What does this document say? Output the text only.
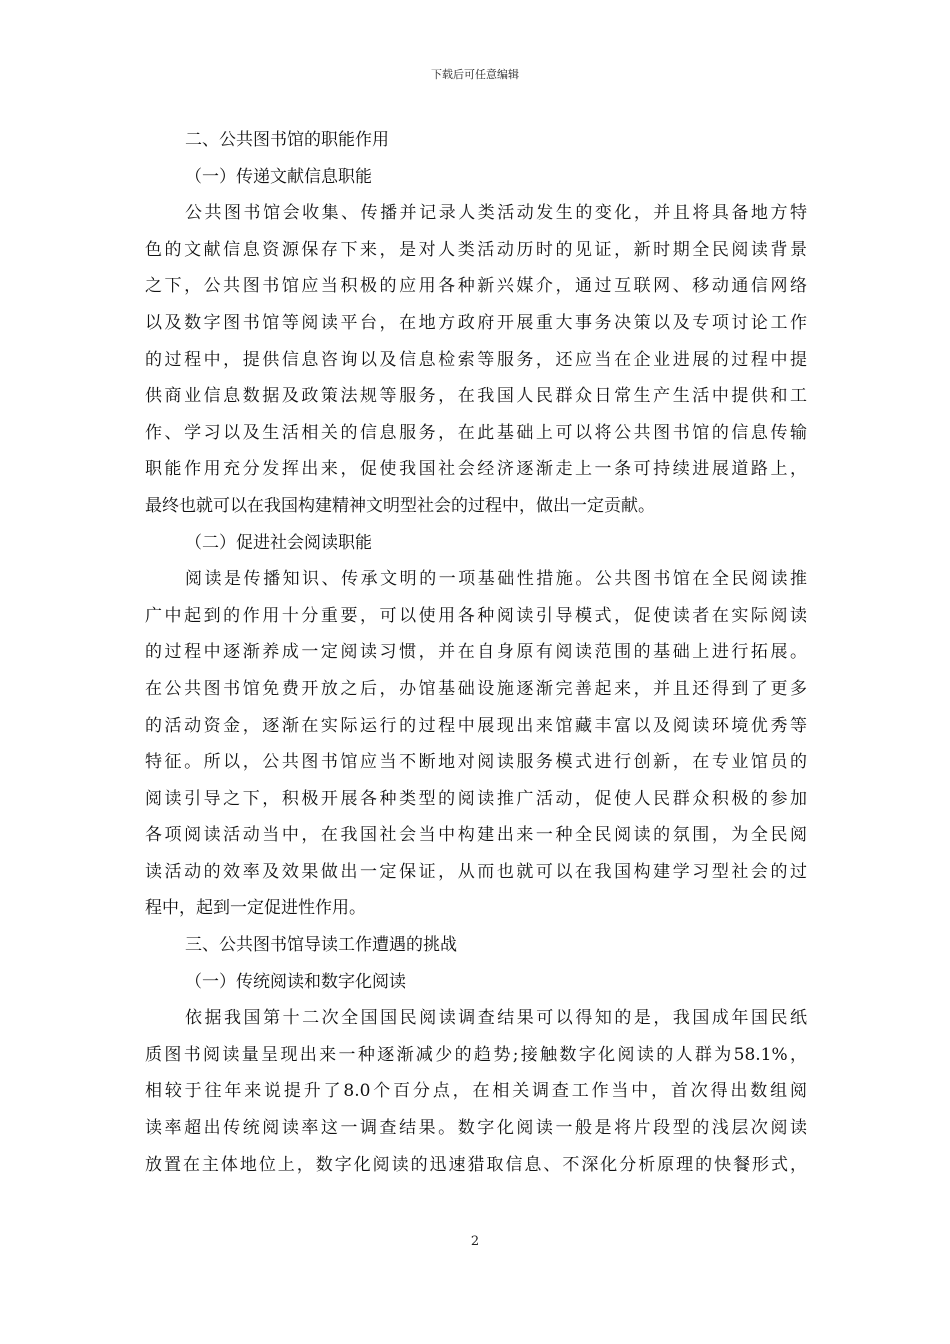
下载后可任意编辑
二、公共图书馆的职能作用
（一）传递文献信息职能
公共图书馆会收集、传播并记录人类活动发生的变化，并且将具备地方特
色的文献信息资源保存下来，是对人类活动历时的见证，新时期全民阅读背景
之下，公共图书馆应当积极的应用各种新兴媒介，通过互联网、移动通信网络
以及数字图书馆等阅读平台，在地方政府开展重大事务决策以及专项讨论工作
的过程中，提供信息咨询以及信息检索等服务，还应当在企业进展的过程中提
供商业信息数据及政策法规等服务，在我国人民群众日常生产生活中提供和工
作、学习以及生活相关的信息服务，在此基础上可以将公共图书馆的信息传输
职能作用充分发挥出来，促使我国社会经济逐渐走上一条可持续进展道路上，
最终也就可以在我国构建精神文明型社会的过程中，做出一定贡献。
（二）促进社会阅读职能
阅读是传播知识、传承文明的一项基础性措施。公共图书馆在全民阅读推
广中起到的作用十分重要，可以使用各种阅读引导模式，促使读者在实际阅读
的过程中逐渐养成一定阅读习惯，并在自身原有阅读范围的基础上进行拓展。
在公共图书馆免费开放之后，办馆基础设施逐渐完善起来，并且还得到了更多
的活动资金，逐渐在实际运行的过程中展现出来馆藏丰富以及阅读环境优秀等
特征。所以，公共图书馆应当不断地对阅读服务模式进行创新，在专业馆员的
阅读引导之下，积极开展各种类型的阅读推广活动，促使人民群众积极的参加
各项阅读活动当中，在我国社会当中构建出来一种全民阅读的氛围，为全民阅
读活动的效率及效果做出一定保证，从而也就可以在我国构建学习型社会的过
程中，起到一定促进性作用。
三、公共图书馆导读工作遭遇的挑战
（一）传统阅读和数字化阅读
依据我国第十二次全国国民阅读调查结果可以得知的是，我国成年国民纸
质图书阅读量呈现出来一种逐渐减少的趋势;接触数字化阅读的人群为58.1%，
相较于往年来说提升了8.0个百分点，在相关调查工作当中，首次得出数组阅
读率超出传统阅读率这一调查结果。数字化阅读一般是将片段型的浅层次阅读
放置在主体地位上，数字化阅读的迅速猎取信息、不深化分析原理的快餐形式，
2
